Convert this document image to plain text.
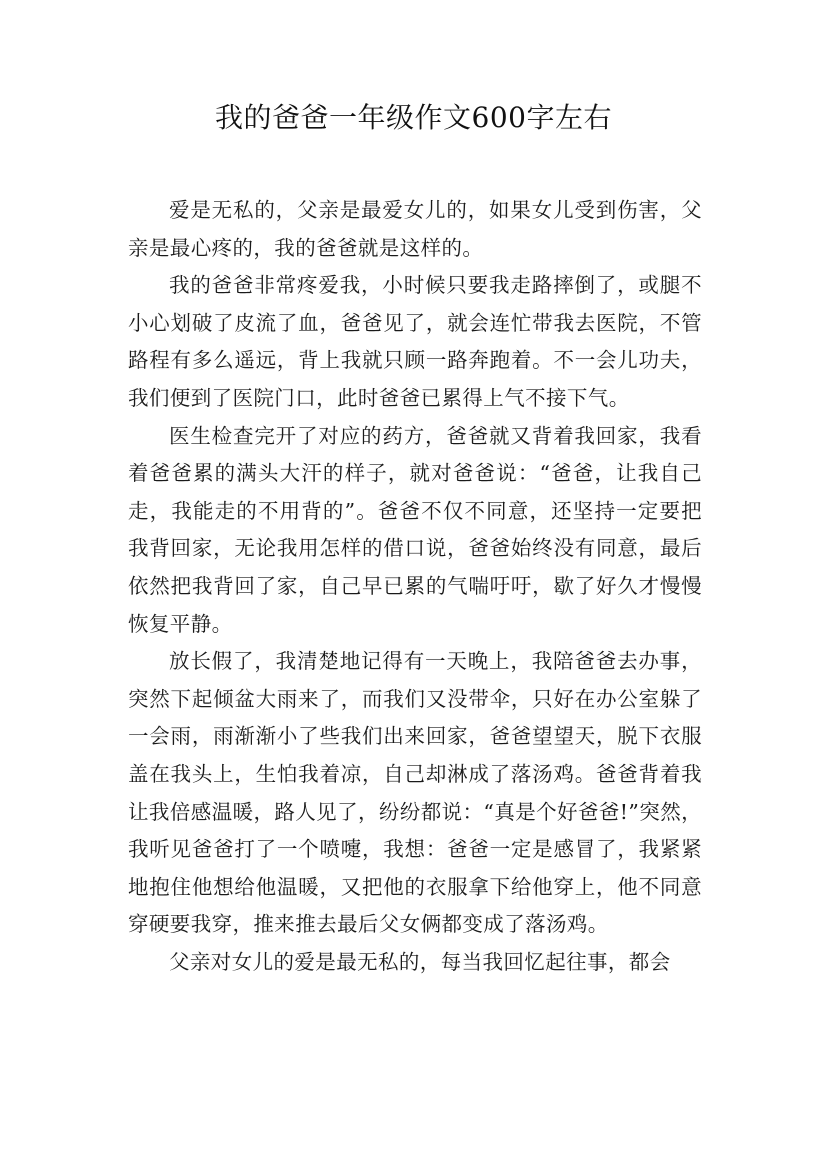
我的爸爸一年级作文600字左右

爱是无私的，父亲是最爱女儿的，如果女儿受到伤害，父亲是最心疼的，我的爸爸就是这样的。

我的爸爸非常疼爱我，小时候只要我走路摔倒了，或腿不小心划破了皮流了血，爸爸见了，就会连忙带我去医院，不管路程有多么遥远，背上我就只顾一路奔跑着。不一会儿功夫，我们便到了医院门口，此时爸爸已累得上气不接下气。

医生检查完开了对应的药方，爸爸就又背着我回家，我看着爸爸累的满头大汗的样子，就对爸爸说：“爸爸，让我自己走，我能走的不用背的”。爸爸不仅不同意，还坚持一定要把我背回家，无论我用怎样的借口说，爸爸始终没有同意，最后依然把我背回了家，自己早已累的气喘吁吁，歇了好久才慢慢恢复平静。

放长假了，我清楚地记得有一天晚上，我陪爸爸去办事，突然下起倾盆大雨来了，而我们又没带伞，只好在办公室躲了一会雨，雨渐渐小了些我们出来回家，爸爸望望天，脱下衣服盖在我头上，生怕我着凉，自己却淋成了落汤鸡。爸爸背着我让我倍感温暖，路人见了，纷纷都说：“真是个好爸爸!”突然，我听见爸爸打了一个喷嚏，我想：爸爸一定是感冒了，我紧紧地抱住他想给他温暖，又把他的衣服拿下给他穿上，他不同意穿硬要我穿，推来推去最后父女俩都变成了落汤鸡。

父亲对女儿的爱是最无私的，每当我回忆起往事，都会
